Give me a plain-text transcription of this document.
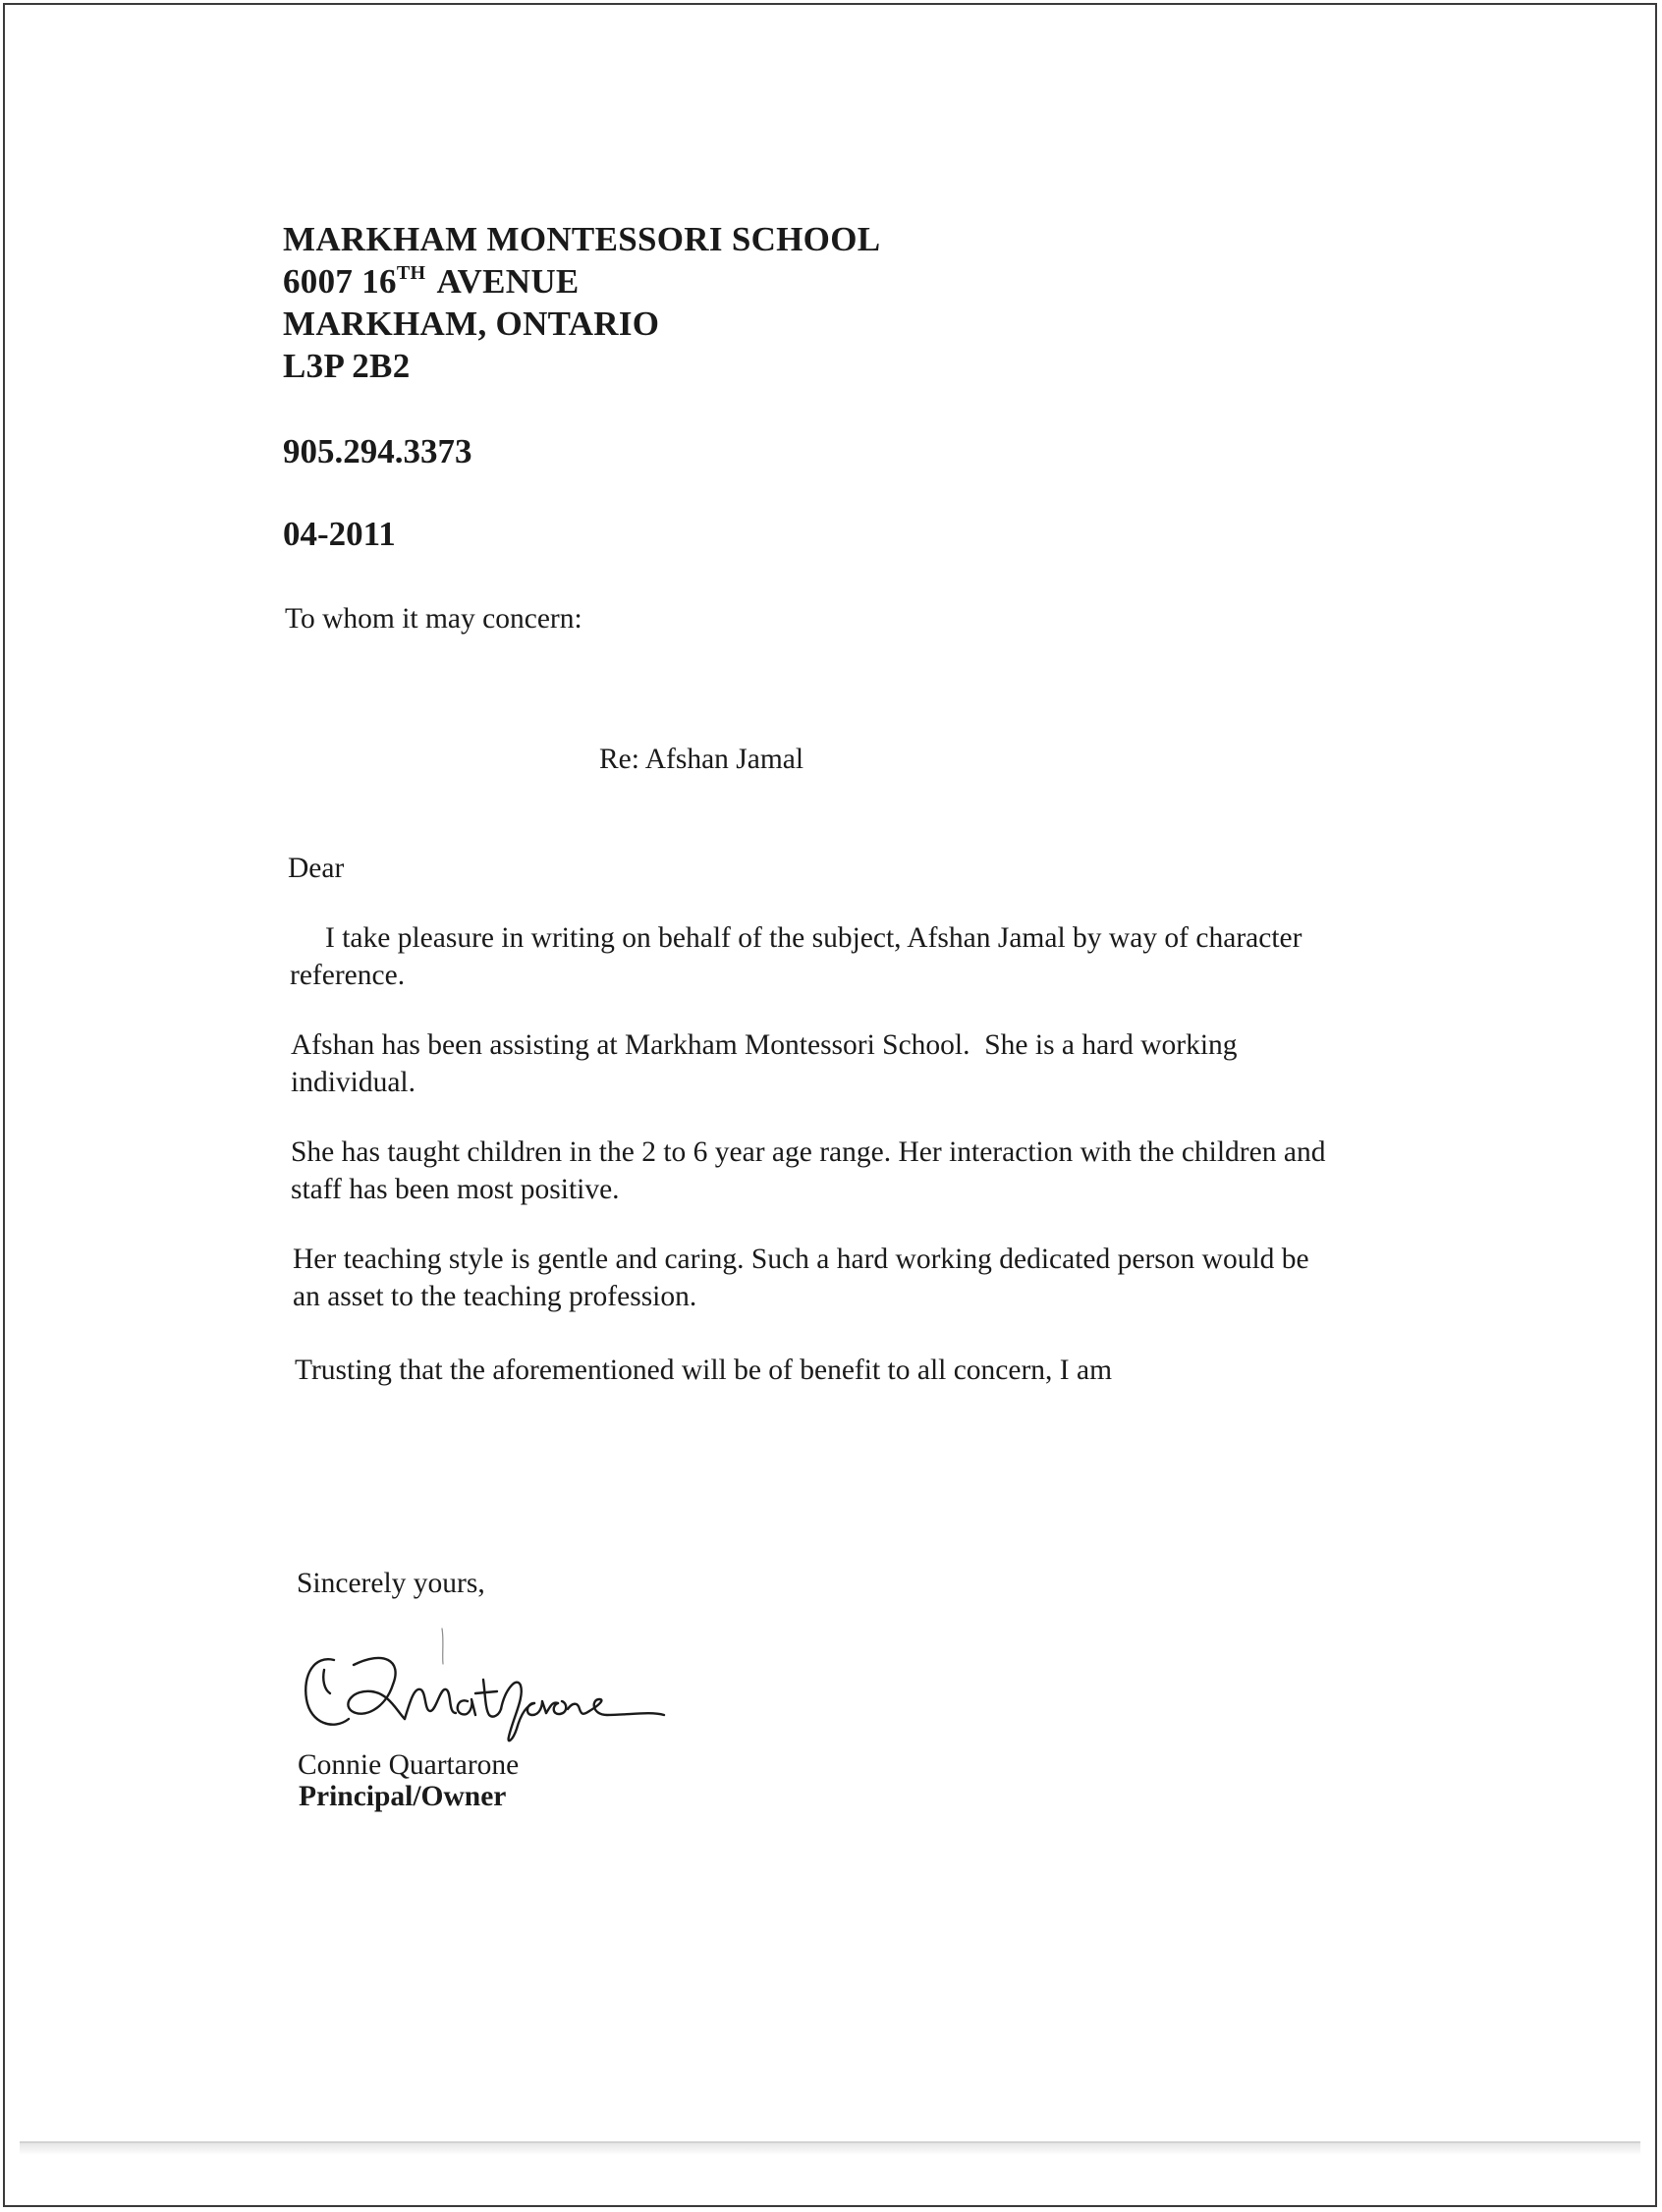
MARKHAM MONTESSORI SCHOOL
6007 16TH AVENUE
MARKHAM, ONTARIO
L3P 2B2
905.294.3373
04-2011
To whom it may concern:
Re: Afshan Jamal
Dear
I take pleasure in writing on behalf of the subject, Afshan Jamal by way of character
reference.
Afshan has been assisting at Markham Montessori School.  She is a hard working
individual.
She has taught children in the 2 to 6 year age range. Her interaction with the children and
staff has been most positive.
Her teaching style is gentle and caring. Such a hard working dedicated person would be
an asset to the teaching profession.
Trusting that the aforementioned will be of benefit to all concern, I am
Sincerely yours,
Connie Quartarone
Principal/Owner
